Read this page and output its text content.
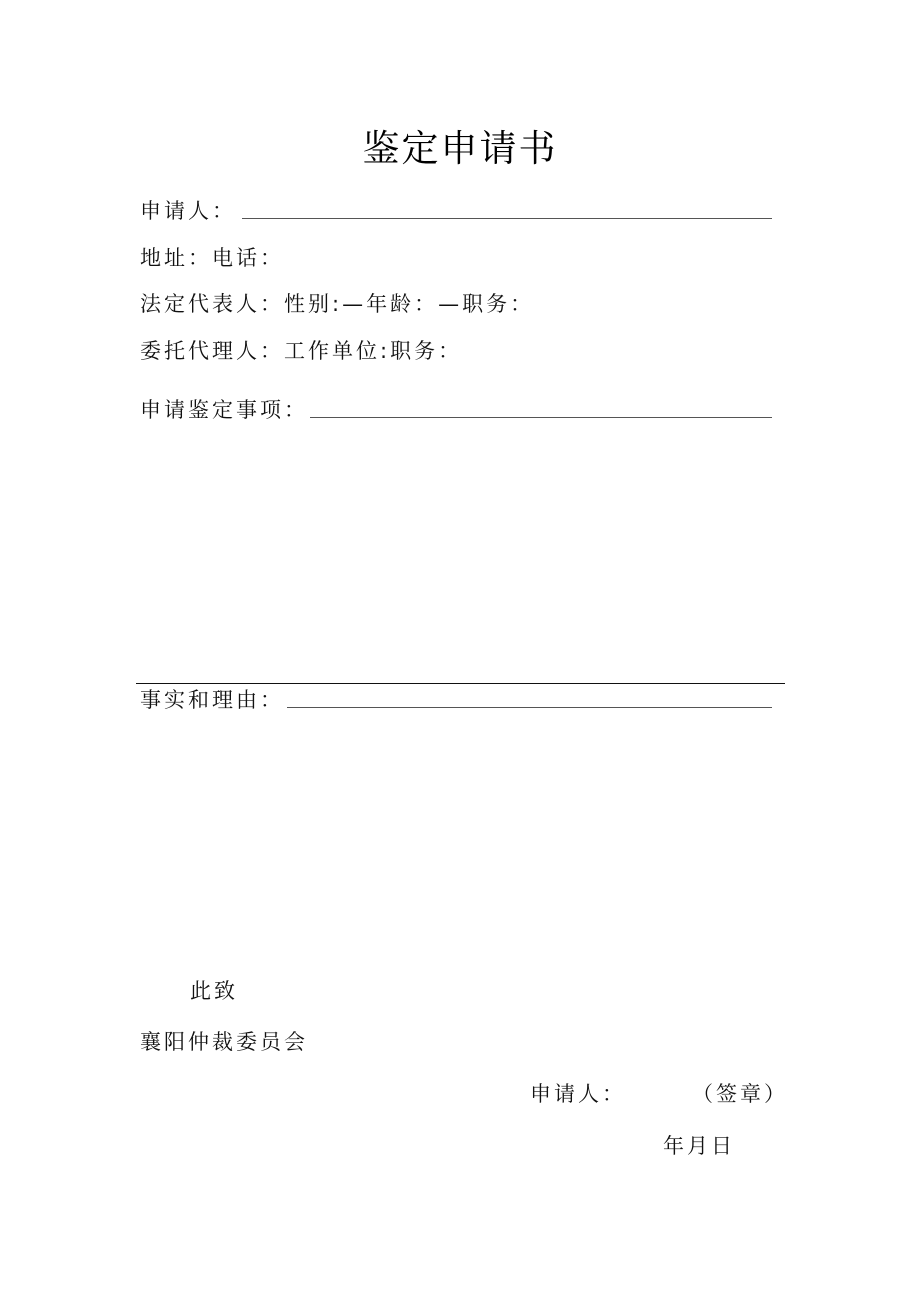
鉴定申请书
申请人：
地址：电话：
法定代表人：性别:—年龄：—职务：
委托代理人：工作单位:职务：
申请鉴定事项：
事实和理由：
此致
襄阳仲裁委员会
申请人：	（签章）
年月日
